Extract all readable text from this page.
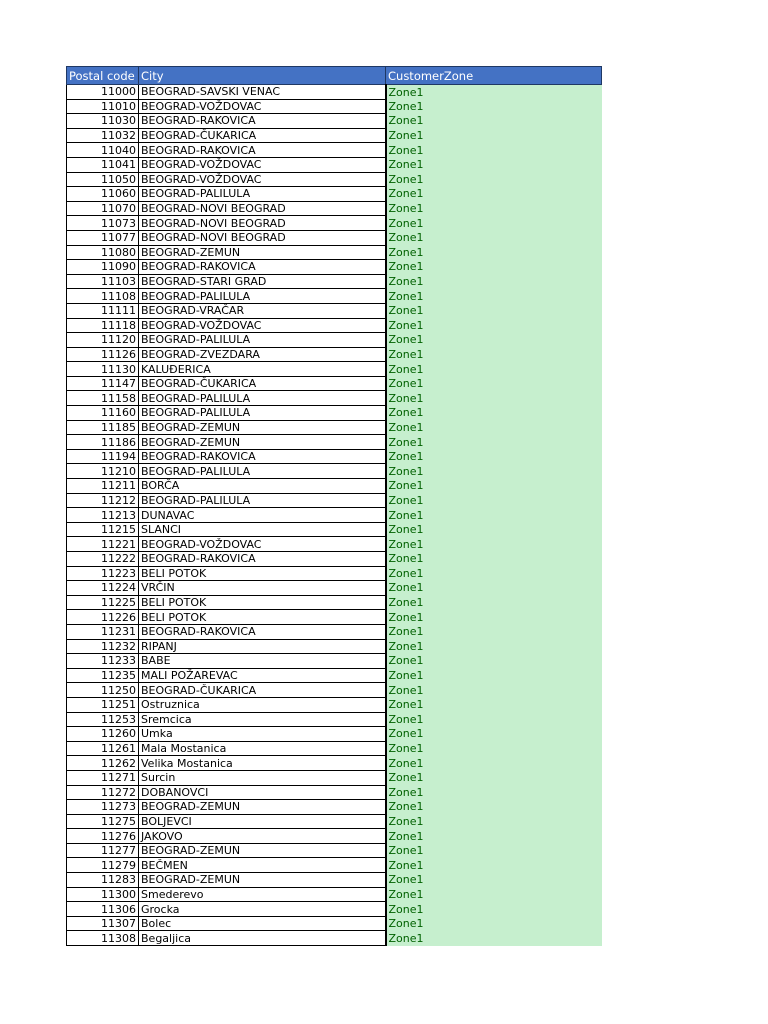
Postal code	City	CustomerZone
11000	BEOGRAD-SAVSKI VENAC	Zone1
11010	BEOGRAD-VOŽDOVAC	Zone1
11030	BEOGRAD-RAKOVICA	Zone1
11032	BEOGRAD-ČUKARICA	Zone1
11040	BEOGRAD-RAKOVICA	Zone1
11041	BEOGRAD-VOŽDOVAC	Zone1
11050	BEOGRAD-VOŽDOVAC	Zone1
11060	BEOGRAD-PALILULA	Zone1
11070	BEOGRAD-NOVI BEOGRAD	Zone1
11073	BEOGRAD-NOVI BEOGRAD	Zone1
11077	BEOGRAD-NOVI BEOGRAD	Zone1
11080	BEOGRAD-ZEMUN	Zone1
11090	BEOGRAD-RAKOVICA	Zone1
11103	BEOGRAD-STARI GRAD	Zone1
11108	BEOGRAD-PALILULA	Zone1
11111	BEOGRAD-VRAČAR	Zone1
11118	BEOGRAD-VOŽDOVAC	Zone1
11120	BEOGRAD-PALILULA	Zone1
11126	BEOGRAD-ZVEZDARA	Zone1
11130	KALUĐERICA	Zone1
11147	BEOGRAD-ČUKARICA	Zone1
11158	BEOGRAD-PALILULA	Zone1
11160	BEOGRAD-PALILULA	Zone1
11185	BEOGRAD-ZEMUN	Zone1
11186	BEOGRAD-ZEMUN	Zone1
11194	BEOGRAD-RAKOVICA	Zone1
11210	BEOGRAD-PALILULA	Zone1
11211	BORČA	Zone1
11212	BEOGRAD-PALILULA	Zone1
11213	DUNAVAC	Zone1
11215	SLANCI	Zone1
11221	BEOGRAD-VOŽDOVAC	Zone1
11222	BEOGRAD-RAKOVICA	Zone1
11223	BELI POTOK	Zone1
11224	VRČIN	Zone1
11225	BELI POTOK	Zone1
11226	BELI POTOK	Zone1
11231	BEOGRAD-RAKOVICA	Zone1
11232	RIPANJ	Zone1
11233	BABE	Zone1
11235	MALI POŽAREVAC	Zone1
11250	BEOGRAD-ČUKARICA	Zone1
11251	Ostruznica	Zone1
11253	Sremcica	Zone1
11260	Umka	Zone1
11261	Mala Mostanica	Zone1
11262	Velika Mostanica	Zone1
11271	Surcin	Zone1
11272	DOBANOVCI	Zone1
11273	BEOGRAD-ZEMUN	Zone1
11275	BOLJEVCI	Zone1
11276	JAKOVO	Zone1
11277	BEOGRAD-ZEMUN	Zone1
11279	BEČMEN	Zone1
11283	BEOGRAD-ZEMUN	Zone1
11300	Smederevo	Zone1
11306	Grocka	Zone1
11307	Bolec	Zone1
11308	Begaljica	Zone1
